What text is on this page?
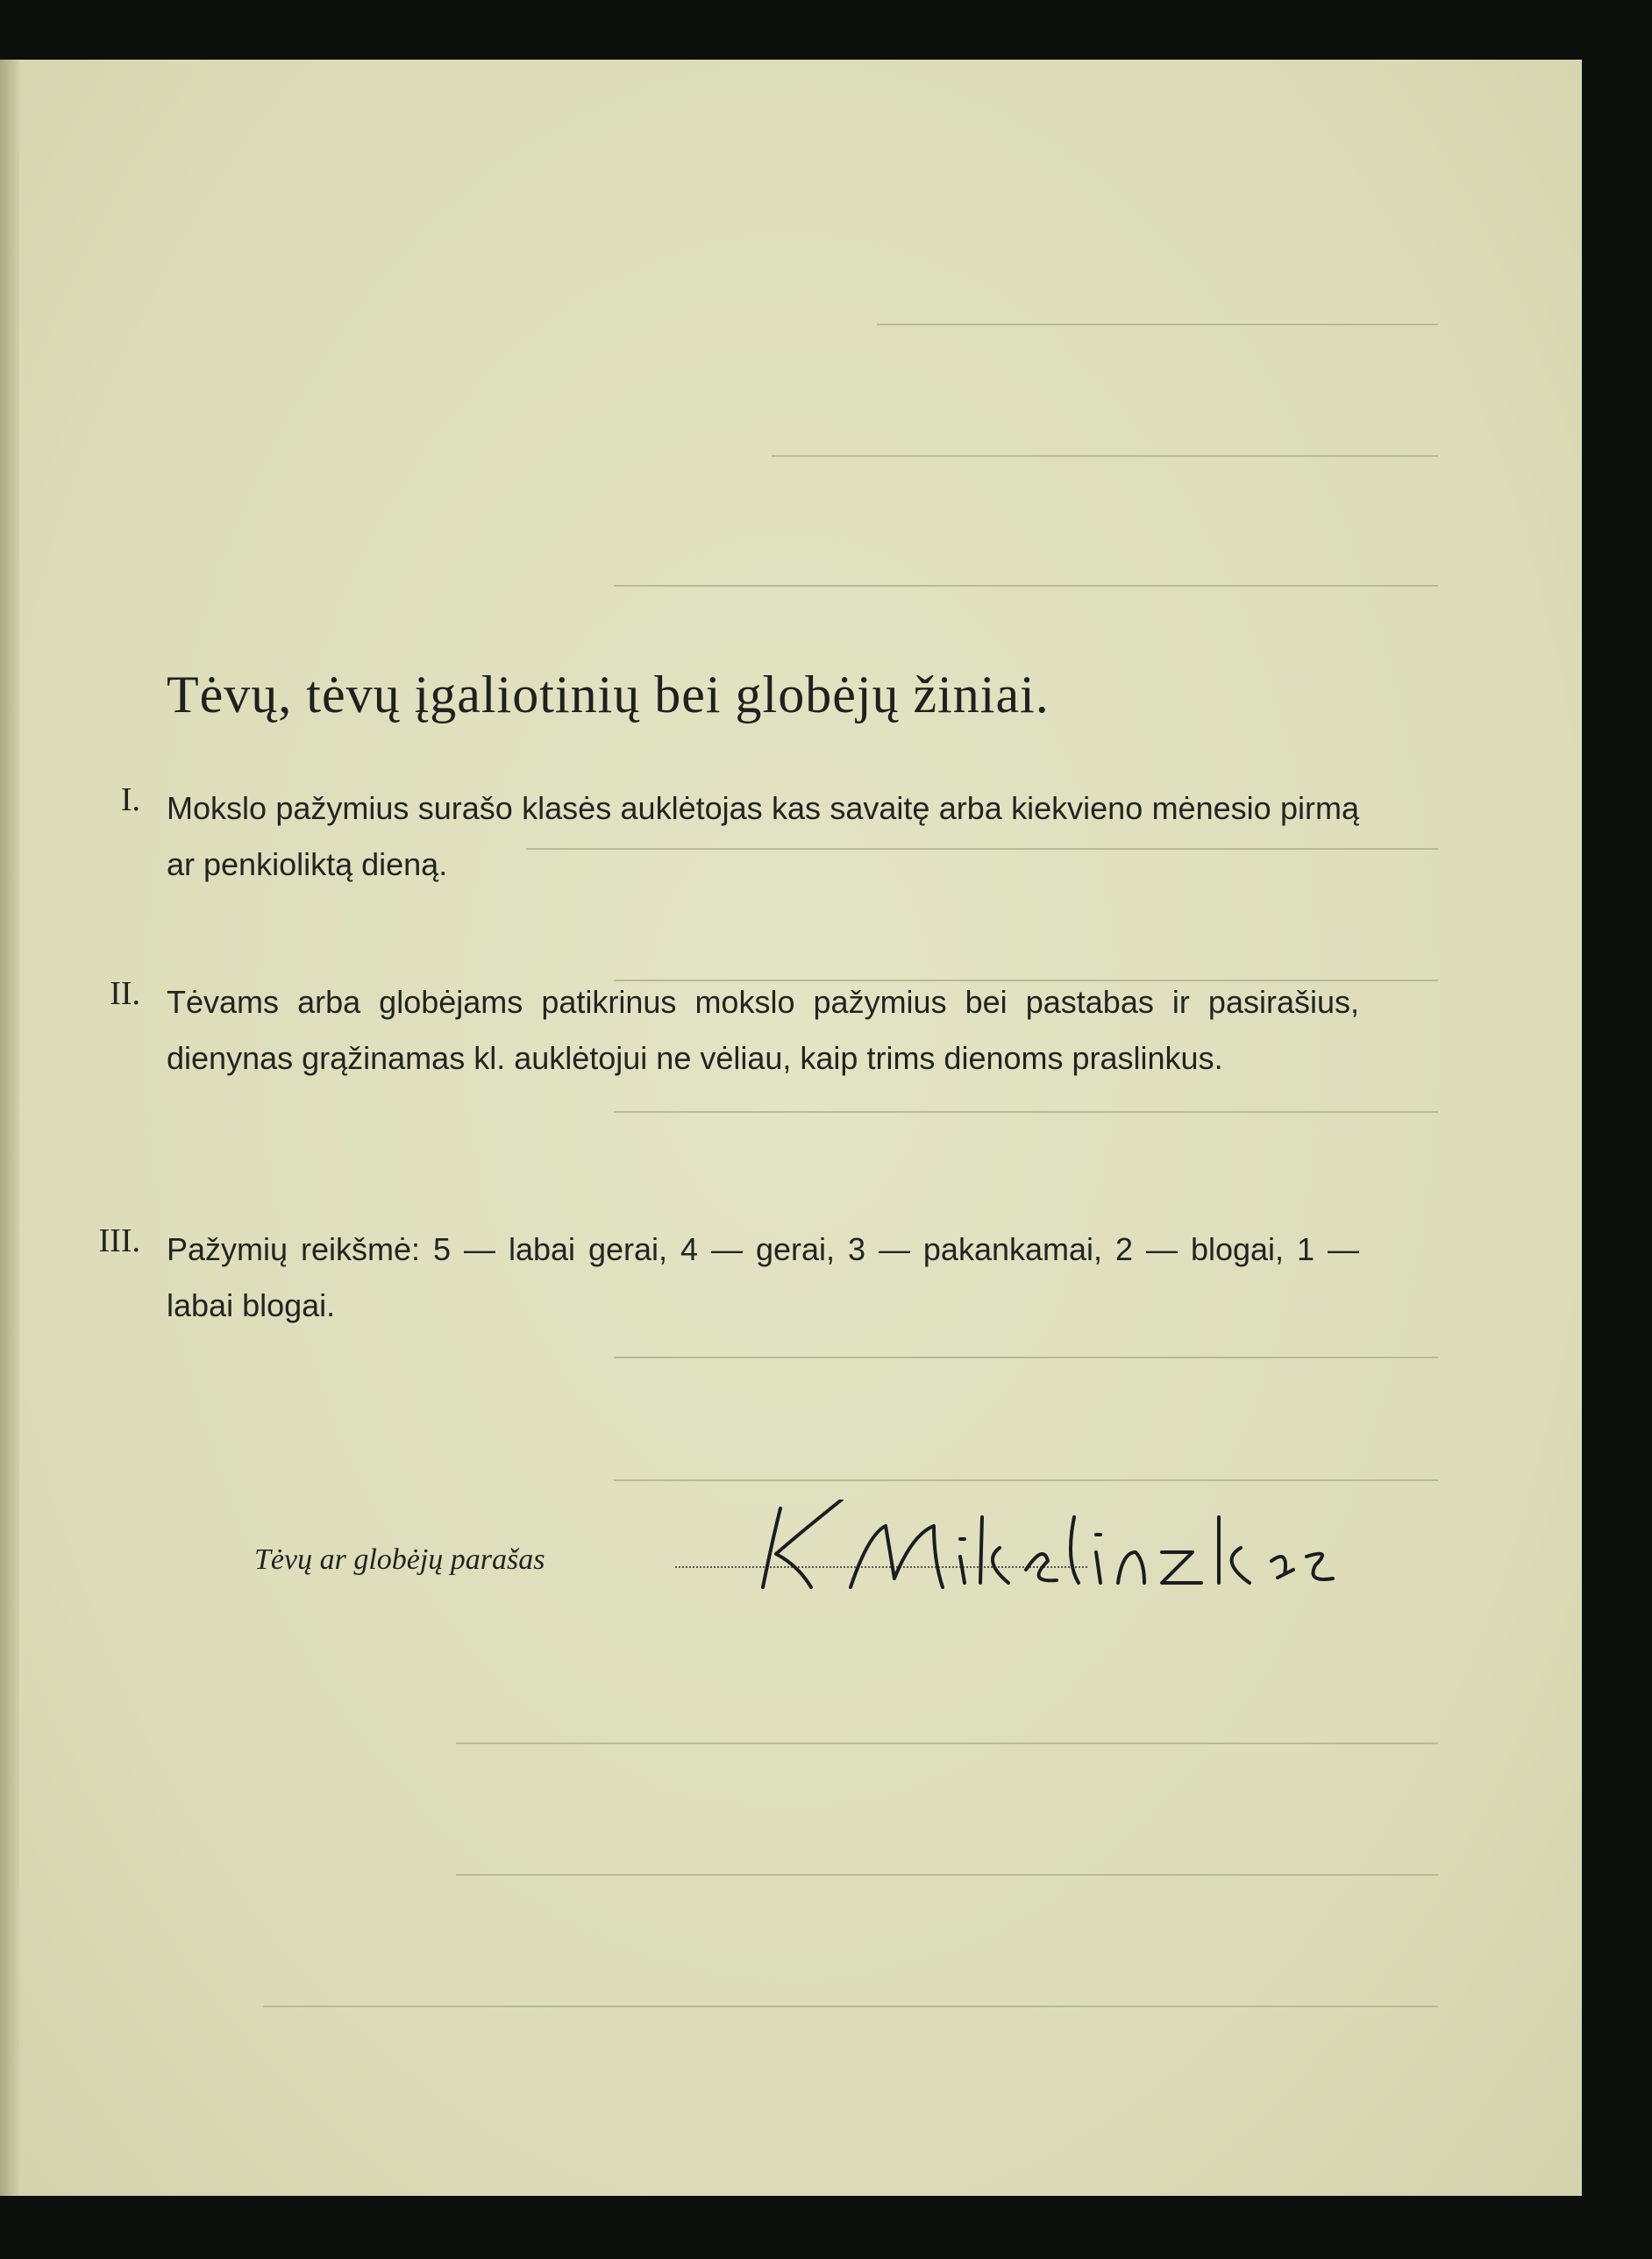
Tėvų, tėvų įgaliotinių bei globėjų žiniai.
I. Mokslo pažymius surašo klasės auklėtojas kas savaitę arba kiekvieno mėnesio pirmą ar penkioliktą dieną.
II. Tėvams arba globėjams patikrinus mokslo pažymius bei pastabas ir pasirašius, dienynas grąžinamas kl. auklėtojui ne vėliau, kaip trims dienoms praslinkus.
III. Pažymių reikšmė: 5 — labai gerai, 4 — gerai, 3 — pakankamai, 2 — blogai, 1 — labai blogai.
Tėvų ar globėjų parašas
